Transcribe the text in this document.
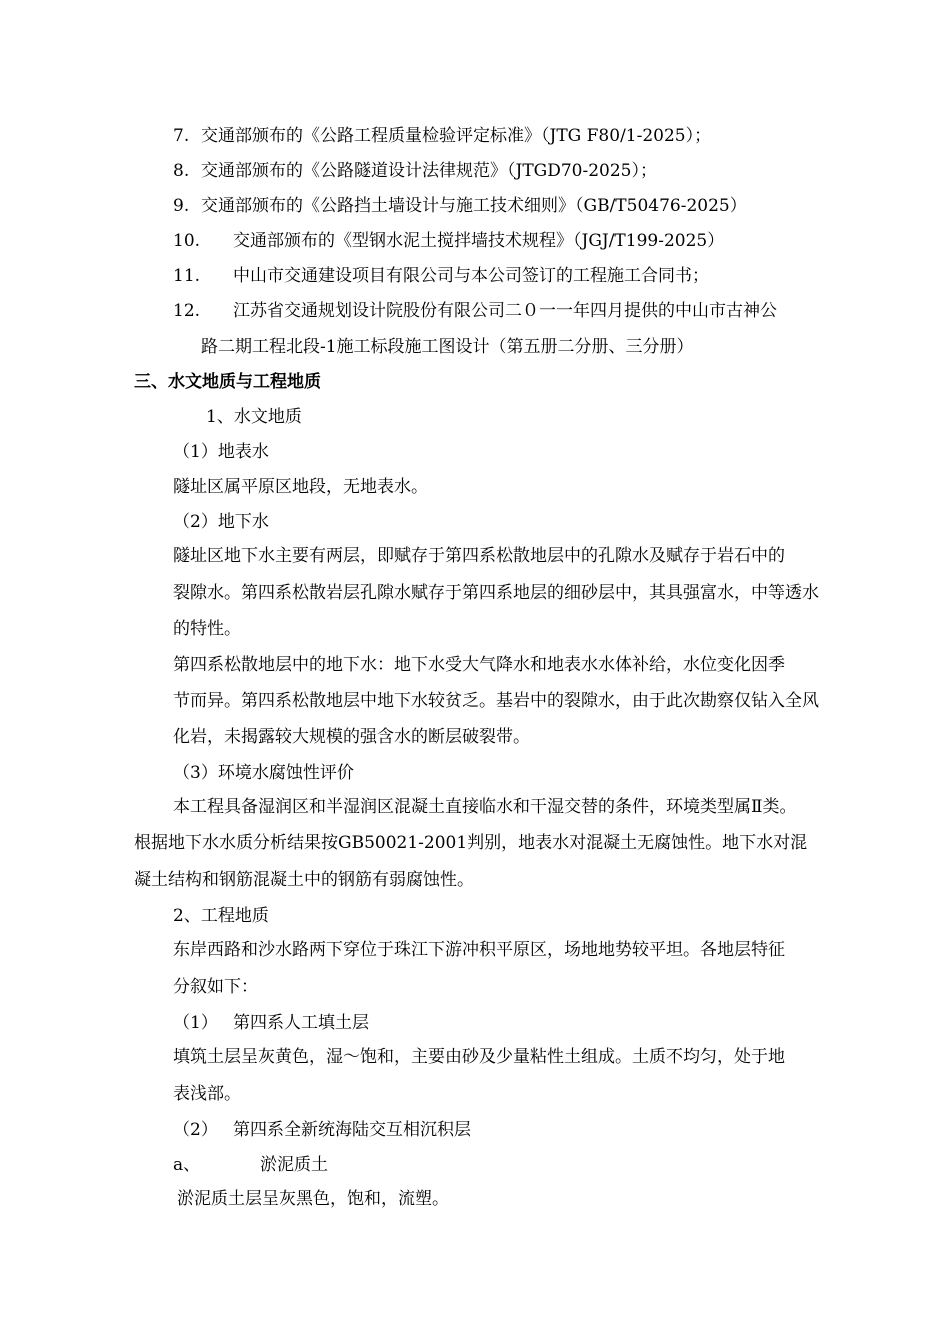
7. 交通部颁布的《公路工程质量检验评定标准》（JTG F80/1-2025）；
8. 交通部颁布的《公路隧道设计法律规范》（JTGD70-2025）；
9. 交通部颁布的《公路挡土墙设计与施工技术细则》（GB/T50476-2025）
10. 交通部颁布的《型钢水泥土搅拌墙技术规程》（JGJ/T199-2025）
11. 中山市交通建设项目有限公司与本公司签订的工程施工合同书；
12. 江苏省交通规划设计院股份有限公司二０一一年四月提供的中山市古神公
路二期工程北段-1施工标段施工图设计（第五册二分册、三分册）
三、水文地质与工程地质
1、水文地质
（1）地表水
隧址区属平原区地段，无地表水。
（2）地下水
隧址区地下水主要有两层，即赋存于第四系松散地层中的孔隙水及赋存于岩石中的
裂隙水。第四系松散岩层孔隙水赋存于第四系地层的细砂层中，其具强富水，中等透水
的特性。
第四系松散地层中的地下水：地下水受大气降水和地表水水体补给，水位变化因季
节而异。第四系松散地层中地下水较贫乏。基岩中的裂隙水，由于此次勘察仅钻入全风
化岩，未揭露较大规模的强含水的断层破裂带。
（3）环境水腐蚀性评价
本工程具备湿润区和半湿润区混凝土直接临水和干湿交替的条件，环境类型属Ⅱ类。
根据地下水水质分析结果按GB50021-2001判别，地表水对混凝土无腐蚀性。地下水对混
凝土结构和钢筋混凝土中的钢筋有弱腐蚀性。
2、工程地质
东岸西路和沙水路两下穿位于珠江下游冲积平原区，场地地势较平坦。各地层特征
分叙如下：
（1） 第四系人工填土层
填筑土层呈灰黄色，湿～饱和，主要由砂及少量粘性土组成。土质不均匀，处于地
表浅部。
（2） 第四系全新统海陆交互相沉积层
a、	淤泥质土
淤泥质土层呈灰黑色，饱和，流塑。
